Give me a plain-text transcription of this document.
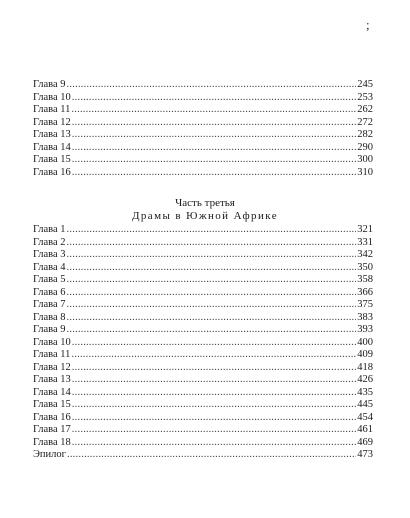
;
Глава 9 . . .	245
Глава 10 . . .	253
Глава 11 . . .	262
Глава 12 . . .	272
Глава 13 . . .	282
Глава 14 . . .	290
Глава 15 . . .	300
Глава 16 . . .	310
Часть третья
Драмы в Южной Африке
Глава 1 . . .	321
Глава 2 . . .	331
Глава 3 . . .	342
Глава 4 . . .	350
Глава 5 . . .	358
Глава 6 . . .	366
Глава 7 . . .	375
Глава 8 . . .	383
Глава 9 . . .	393
Глава 10 . . .	400
Глава 11 . . .	409
Глава 12 . . .	418
Глава 13 . . .	426
Глава 14 . . .	435
Глава 15 . . .	445
Глава 16 . . .	454
Глава 17 . . .	461
Глава 18 . . .	469
Эпилог . . .	473
